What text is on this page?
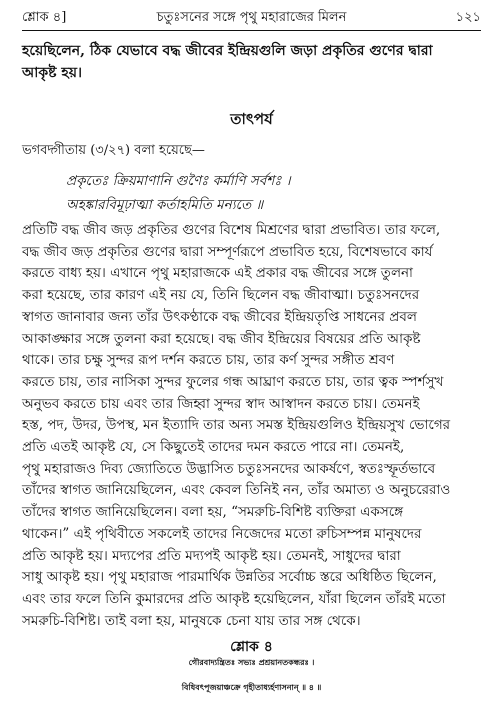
শ্লোক ৪]	চতুঃসনের সঙ্গে পৃথু মহারাজের মিলন	১২১
হয়েছিলেন, ঠিক যেভাবে বদ্ধ জীবের ইন্দ্রিয়গুলি জড়া প্রকৃতির গুণের দ্বারা
আকৃষ্ট হয়।
তাৎপর্য
ভগবদ্গীতায় (৩/২৭) বলা হয়েছে—
প্রকৃতেঃ ক্রিয়মাণানি গুণৈঃ কর্মাণি সর্বশঃ ।
অহঙ্কারবিমূঢ়াত্মা কর্তাহমিতি মন্যতে ॥
প্রতিটি বদ্ধ জীব জড় প্রকৃতির গুণের বিশেষ মিশ্রণের দ্বারা প্রভাবিত। তার ফলে,
বদ্ধ জীব জড় প্রকৃতির গুণের দ্বারা সম্পূর্ণরূপে প্রভাবিত হয়ে, বিশেষভাবে কার্য
করতে বাধ্য হয়। এখানে পৃথু মহারাজকে এই প্রকার বদ্ধ জীবের সঙ্গে তুলনা
করা হয়েছে, তার কারণ এই নয় যে, তিনি ছিলেন বদ্ধ জীবাত্মা। চতুঃসনদের
স্বাগত জানাবার জন্য তাঁর উৎকণ্ঠাকে বদ্ধ জীবের ইন্দ্রিয়তৃপ্তি সাধনের প্রবল
আকাঙ্ক্ষার সঙ্গে তুলনা করা হয়েছে। বদ্ধ জীব ইন্দ্রিয়ের বিষয়ের প্রতি আকৃষ্ট
থাকে। তার চক্ষু সুন্দর রূপ দর্শন করতে চায়, তার কর্ণ সুন্দর সঙ্গীত শ্রবণ
করতে চায়, তার নাসিকা সুন্দর ফুলের গন্ধ আঘ্রাণ করতে চায়, তার ত্বক স্পর্শসুখ
অনুভব করতে চায় এবং তার জিহ্বা সুন্দর স্বাদ আস্বাদন করতে চায়। তেমনই
হস্ত, পদ, উদর, উপস্থ, মন ইত্যাদি তার অন্য সমস্ত ইন্দ্রিয়গুলিও ইন্দ্রিয়সুখ ভোগের
প্রতি এতই আকৃষ্ট যে, সে কিছুতেই তাদের দমন করতে পারে না। তেমনই,
পৃথু মহারাজও দিব্য জ্যোতিতে উদ্ভাসিত চতুঃসনদের আকর্ষণে, স্বতঃস্ফূর্তভাবে
তাঁদের স্বাগত জানিয়েছিলেন, এবং কেবল তিনিই নন, তাঁর অমাত্য ও অনুচরেরাও
তাঁদের স্বাগত জানিয়েছিলেন। বলা হয়, “সমরুচি-বিশিষ্ট ব্যক্তিরা একসঙ্গে
থাকেন।” এই পৃথিবীতে সকলেই তাদের নিজেদের মতো রুচিসম্পন্ন মানুষদের
প্রতি আকৃষ্ট হয়। মদ্যপের প্রতি মদ্যপই আকৃষ্ট হয়। তেমনই, সাধুদের দ্বারা
সাধু আকৃষ্ট হয়। পৃথু মহারাজ পারমার্থিক উন্নতির সর্বোচ্চ স্তরে অধিষ্ঠিত ছিলেন,
এবং তার ফলে তিনি কুমারদের প্রতি আকৃষ্ট হয়েছিলেন, যাঁরা ছিলেন তাঁরই মতো
সমরুচি-বিশিষ্ট। তাই বলা হয়, মানুষকে চেনা যায় তার সঙ্গ থেকে।
শ্লোক ৪
গৌরবাদ্যন্ত্রিতঃ সভ্যঃ প্রশ্রয়ানতকন্ধরঃ ।
বিধিবৎপূজয়াঞ্চক্রে গৃহীতাধ্যর্হণাসনান্ ॥ ৪ ॥
